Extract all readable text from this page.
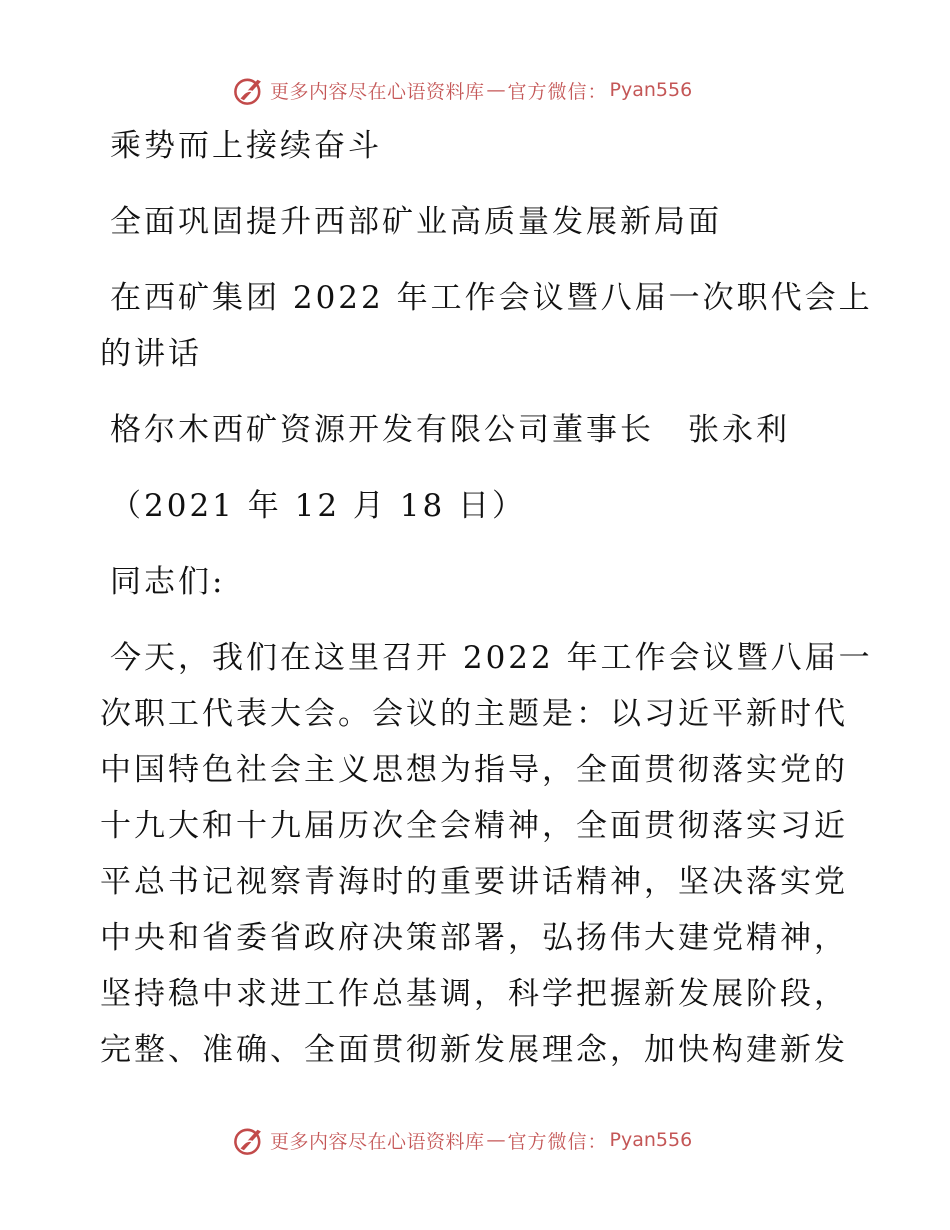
更多内容尽在心语资料库 — 官方微信： Pyan556
乘势而上接续奋斗
全面巩固提升西部矿业高质量发展新局面
在西矿集团 2022 年工作会议暨八届一次职代会上
的讲话
格尔木西矿资源开发有限公司董事长　张永利
（2021 年 12 月 18 日）
同志们:
今天，我们在这里召开 2022 年工作会议暨八届一
次职工代表大会。会议的主题是：以习近平新时代
中国特色社会主义思想为指导，全面贯彻落实党的
十九大和十九届历次全会精神，全面贯彻落实习近
平总书记视察青海时的重要讲话精神，坚决落实党
中央和省委省政府决策部署，弘扬伟大建党精神，
坚持稳中求进工作总基调，科学把握新发展阶段，
完整、准确、全面贯彻新发展理念，加快构建新发
更多内容尽在心语资料库 — 官方微信： Pyan556
